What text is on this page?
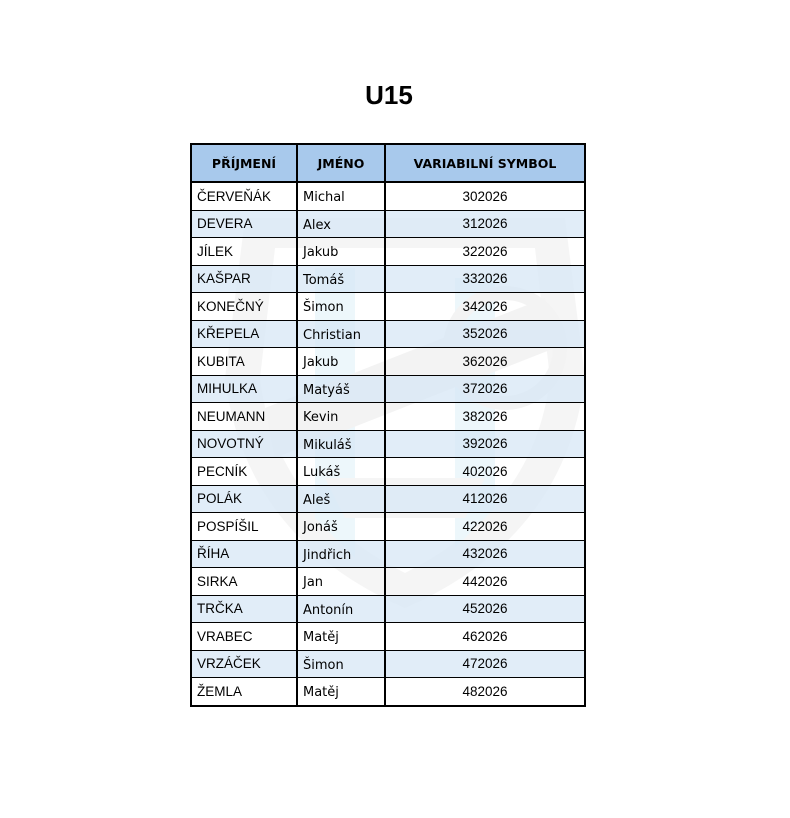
U15
PŘÍJMENÍ	JMÉNO	VARIABILNÍ SYMBOL
ČERVEŇÁK	Michal	302026
DEVERA	Alex	312026
JÍLEK	Jakub	322026
KAŠPAR	Tomáš	332026
KONEČNÝ	Šimon	342026
KŘEPELA	Christian	352026
KUBITA	Jakub	362026
MIHULKA	Matyáš	372026
NEUMANN	Kevin	382026
NOVOTNÝ	Mikuláš	392026
PECNÍK	Lukáš	402026
POLÁK	Aleš	412026
POSPÍŠIL	Jonáš	422026
ŘÍHA	Jindřich	432026
SIRKA	Jan	442026
TRČKA	Antonín	452026
VRABEC	Matěj	462026
VRZÁČEK	Šimon	472026
ŽEMLA	Matěj	482026
